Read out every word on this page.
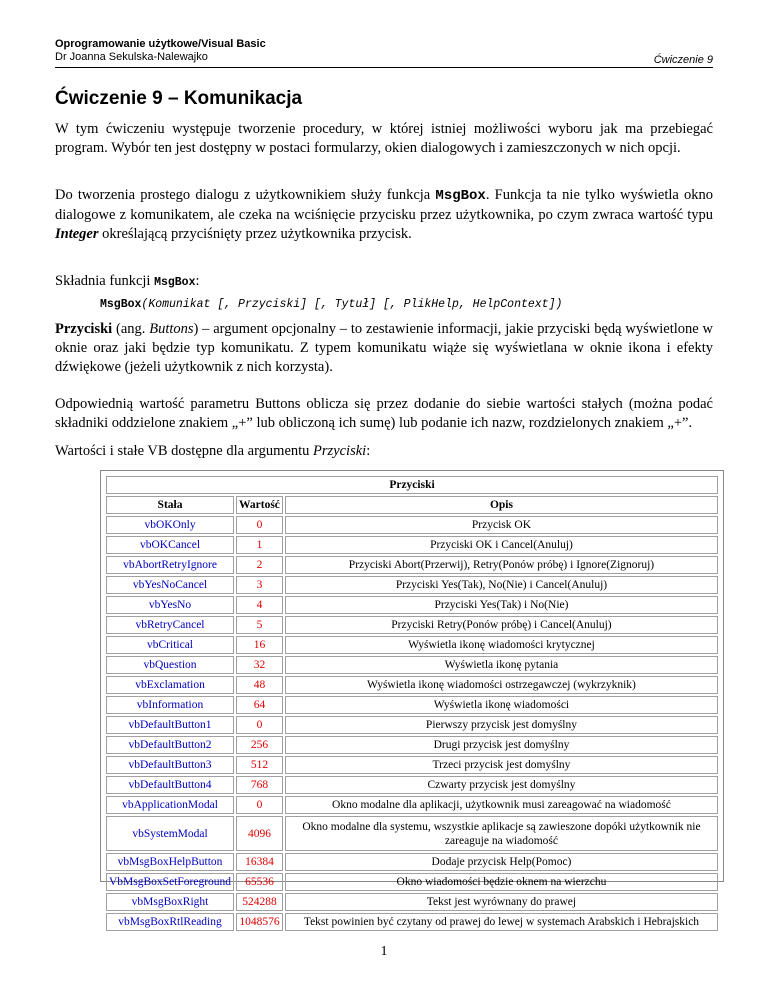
Oprogramowanie użytkowe/Visual Basic
Dr Joanna Sekulska-Nalewajko	Ćwiczenie 9
Ćwiczenie 9 – Komunikacja
W tym ćwiczeniu występuje tworzenie procedury, w której istniej możliwości wyboru jak ma przebiegać program. Wybór ten jest dostępny w postaci formularzy, okien dialogowych i zamieszczonych w nich opcji.
Do tworzenia prostego dialogu z użytkownikiem służy funkcja MsgBox. Funkcja ta nie tylko wyświetla okno dialogowe z komunikatem, ale czeka na wciśnięcie przycisku przez użytkownika, po czym zwraca wartość typu Integer określającą przyciśnięty przez użytkownika przycisk.
Składnia funkcji MsgBox:
MsgBox(Komunikat [, Przyciski] [, Tytuł] [, PlikHelp, HelpContext])
Przyciski (ang. Buttons) – argument opcjonalny – to zestawienie informacji, jakie przyciski będą wyświetlone w oknie oraz jaki będzie typ komunikatu. Z typem komunikatu wiąże się wyświetlana w oknie ikona i efekty dźwiękowe (jeżeli użytkownik z nich korzysta).
Odpowiednią wartość parametru Buttons oblicza się przez dodanie do siebie wartości stałych (można podać składniki oddzielone znakiem „+” lub obliczoną ich sumę) lub podanie ich nazw, rozdzielonych znakiem „+”.
Wartości i stałe VB dostępne dla argumentu Przyciski:
Przyciski		
Stała	Wartość	Opis
vbOKOnly	0	Przycisk OK
vbOKCancel	1	Przyciski OK i Cancel(Anuluj)
vbAbortRetryIgnore	2	Przyciski Abort(Przerwij), Retry(Ponów próbę) i Ignore(Zignoruj)
vbYesNoCancel	3	Przyciski Yes(Tak), No(Nie) i Cancel(Anuluj)
vbYesNo	4	Przyciski Yes(Tak) i No(Nie)
vbRetryCancel	5	Przyciski Retry(Ponów próbę) i Cancel(Anuluj)
vbCritical	16	Wyświetla ikonę wiadomości krytycznej
vbQuestion	32	Wyświetla ikonę pytania
vbExclamation	48	Wyświetla ikonę wiadomości ostrzegawczej (wykrzyknik)
vbInformation	64	Wyświetla ikonę wiadomości
vbDefaultButton1	0	Pierwszy przycisk jest domyślny
vbDefaultButton2	256	Drugi przycisk jest domyślny
vbDefaultButton3	512	Trzeci przycisk jest domyślny
vbDefaultButton4	768	Czwarty przycisk jest domyślny
vbApplicationModal	0	Okno modalne dla aplikacji, użytkownik musi zareagować na wiadomość
vbSystemModal	4096	Okno modalne dla systemu, wszystkie aplikacje są zawieszone dopóki użytkownik nie zareaguje na wiadomość
vbMsgBoxHelpButton	16384	Dodaje przycisk Help(Pomoc)
VbMsgBoxSetForeground	65536	Okno wiadomości będzie oknem na wierzchu
vbMsgBoxRight	524288	Tekst jest wyrównany do prawej
vbMsgBoxRtlReading	1048576	Tekst powinien być czytany od prawej do lewej w systemach Arabskich i Hebrajskich
1
